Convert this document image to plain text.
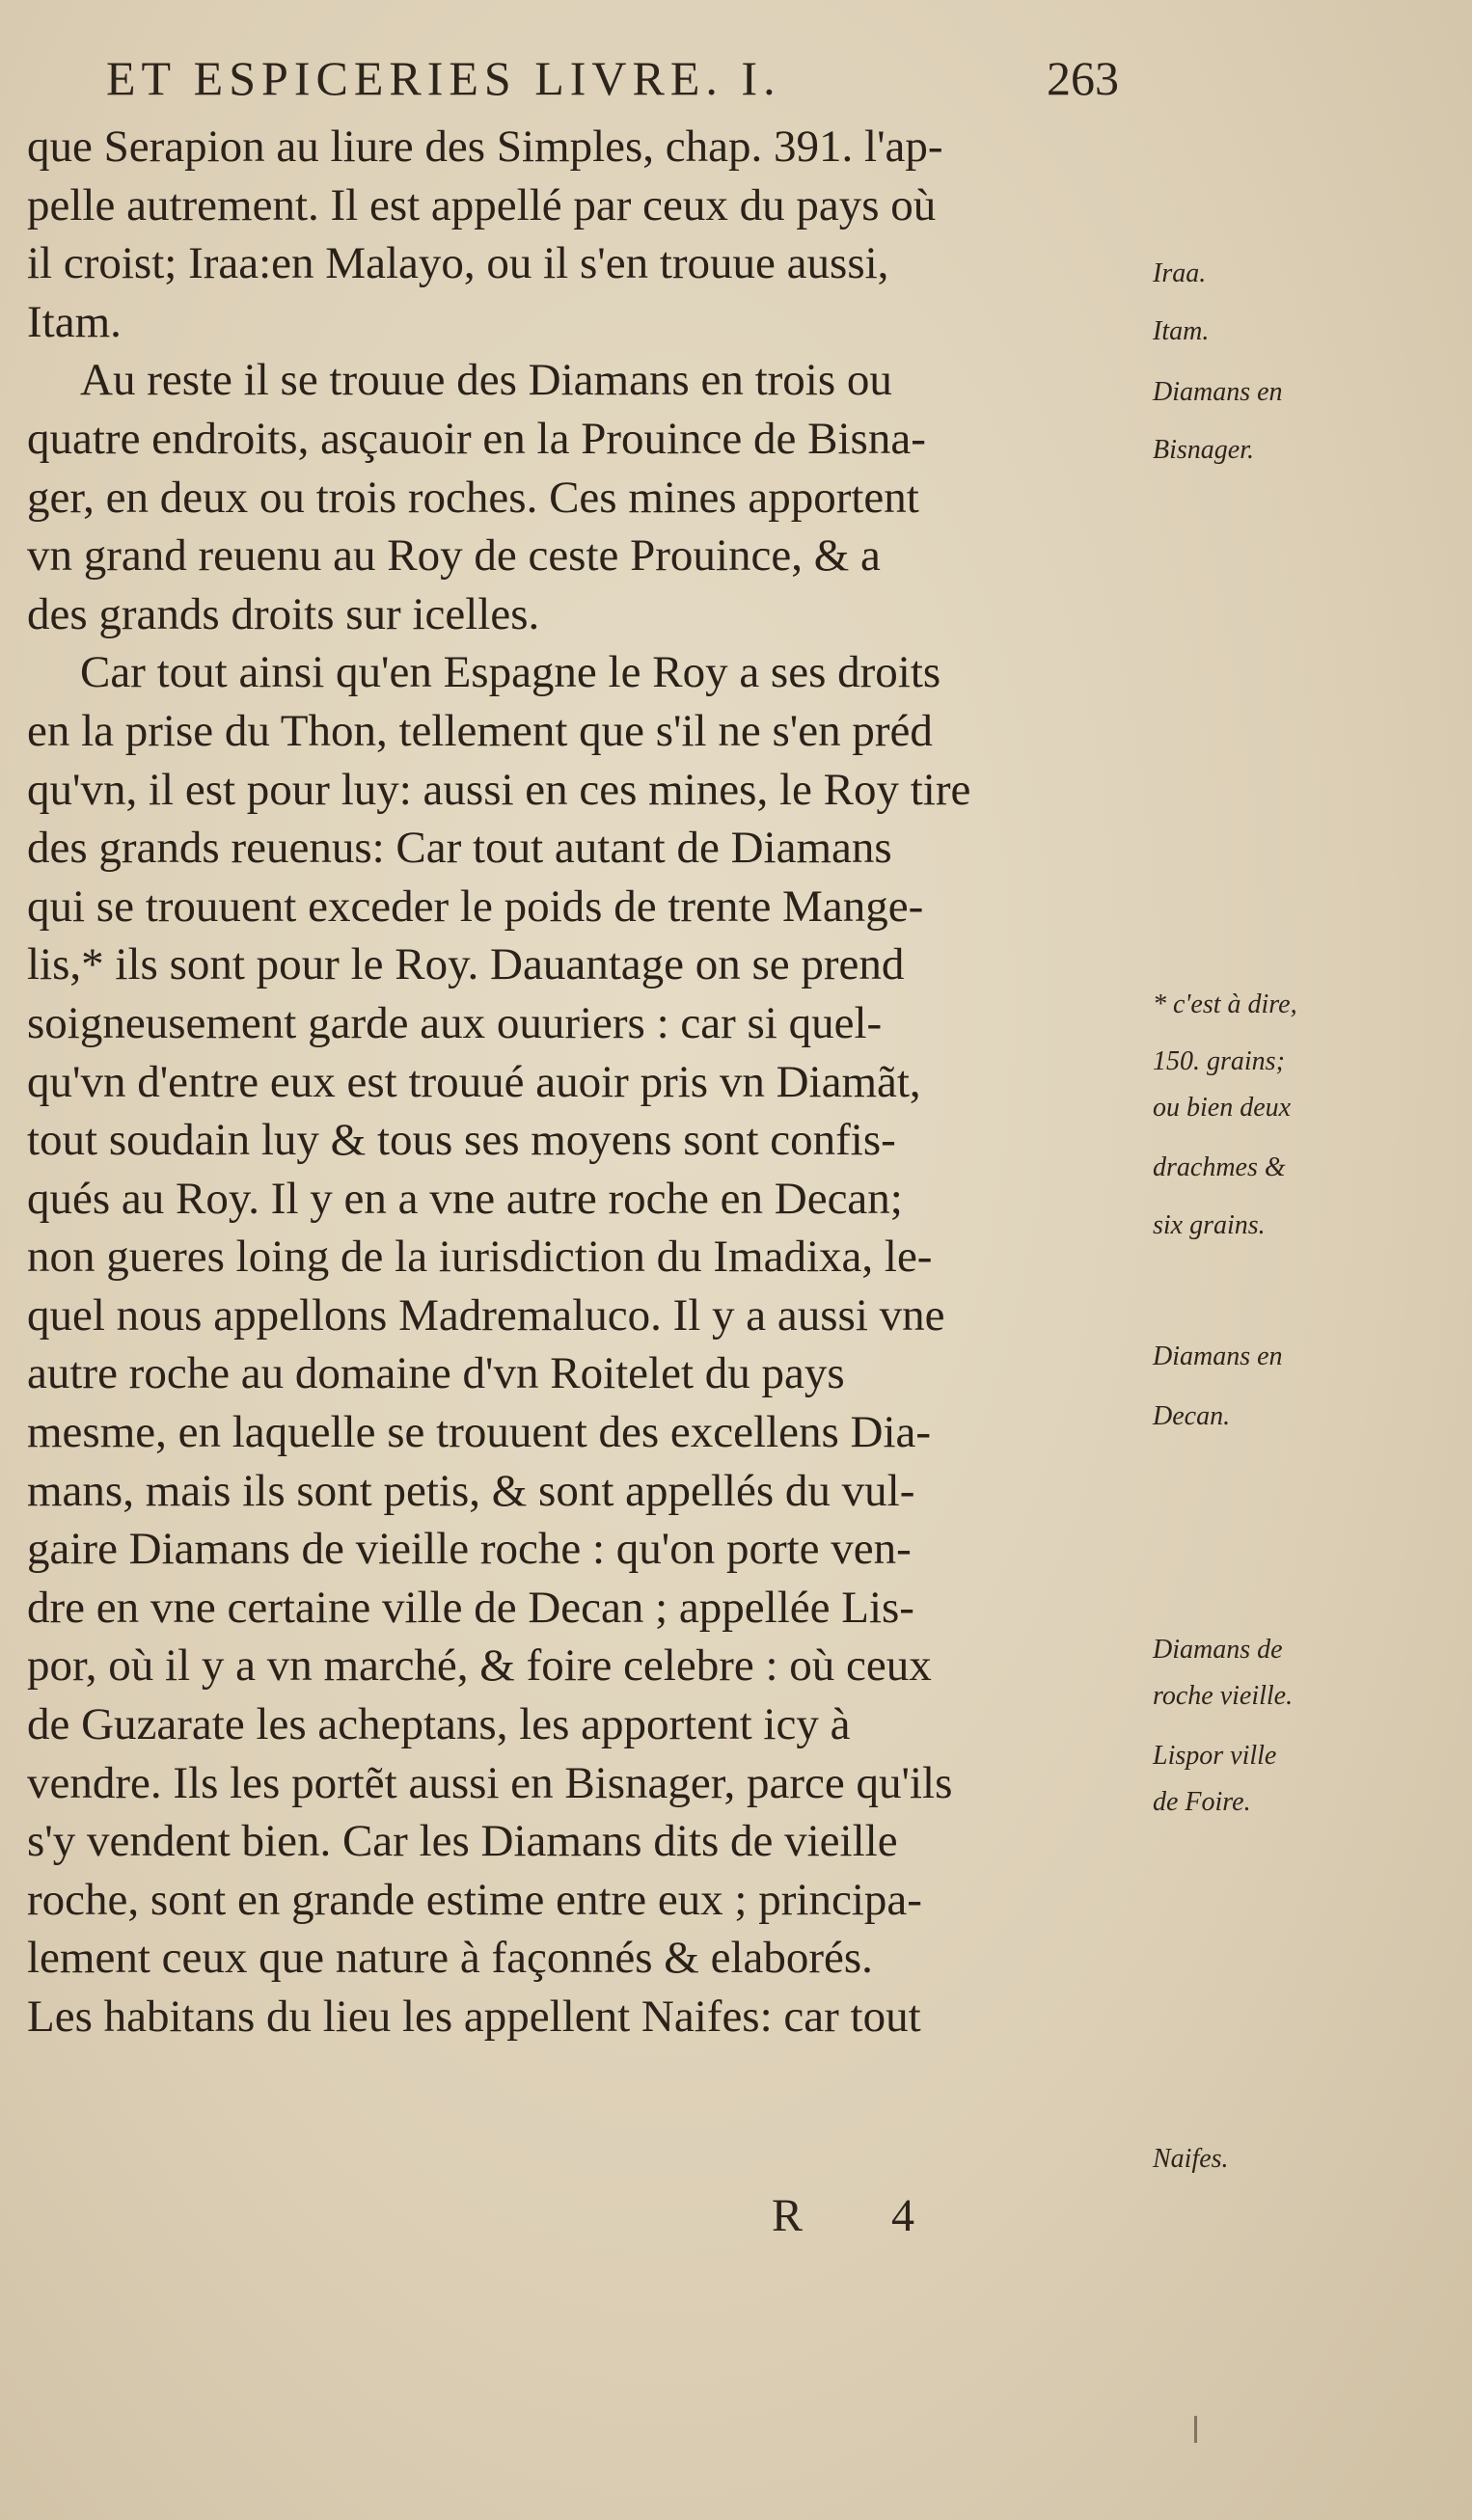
ET ESPICERIES LIVRE. I.	263
que Serapion au liure des Simples, chap. 391. l'ap-
pelle autrement. Il est appellé par ceux du pays où
il croist; Iraa:en Malayo, ou il s'en trouue aussi,
Itam.
Au reste il se trouue des Diamans en trois ou
quatre endroits, asçauoir en la Prouince de Bisna-
ger, en deux ou trois roches. Ces mines apportent
vn grand reuenu au Roy de ceste Prouince, & a
des grands droits sur icelles.
Car tout ainsi qu'en Espagne le Roy a ses droits
en la prise du Thon, tellement que s'il ne s'en préd
qu'vn, il est pour luy: aussi en ces mines, le Roy tire
des grands reuenus: Car tout autant de Diamans
qui se trouuent exceder le poids de trente Mange-
lis,* ils sont pour le Roy. Dauantage on se prend
soigneusement garde aux ouuriers : car si quel-
qu'vn d'entre eux est trouué auoir pris vn Diamãt,
tout soudain luy & tous ses moyens sont confis-
qués au Roy. Il y en a vne autre roche en Decan;
non gueres loing de la iurisdiction du Imadixa, le-
quel nous appellons Madremaluco. Il y a aussi vne
autre roche au domaine d'vn Roitelet du pays
mesme, en laquelle se trouuent des excellens Dia-
mans, mais ils sont petis, & sont appellés du vul-
gaire Diamans de vieille roche : qu'on porte ven-
dre en vne certaine ville de Decan ; appellée Lis-
por, où il y a vn marché, & foire celebre : où ceux
de Guzarate les acheptans, les apportent icy à
vendre. Ils les portẽt aussi en Bisnager, parce qu'ils
s'y vendent bien. Car les Diamans dits de vieille
roche, sont en grande estime entre eux ; principa-
lement ceux que nature à façonnés & elaborés.
Les habitans du lieu les appellent Naifes: car tout
Iraa.
Itam.
Diamans en
Bisnager.
* c'est à dire,
150. grains;
ou bien deux
drachmes &
six grains.
Diamans en
Decan.
Diamans de
roche vieille.
Lispor ville
de Foire.
Naifes.
R 4
